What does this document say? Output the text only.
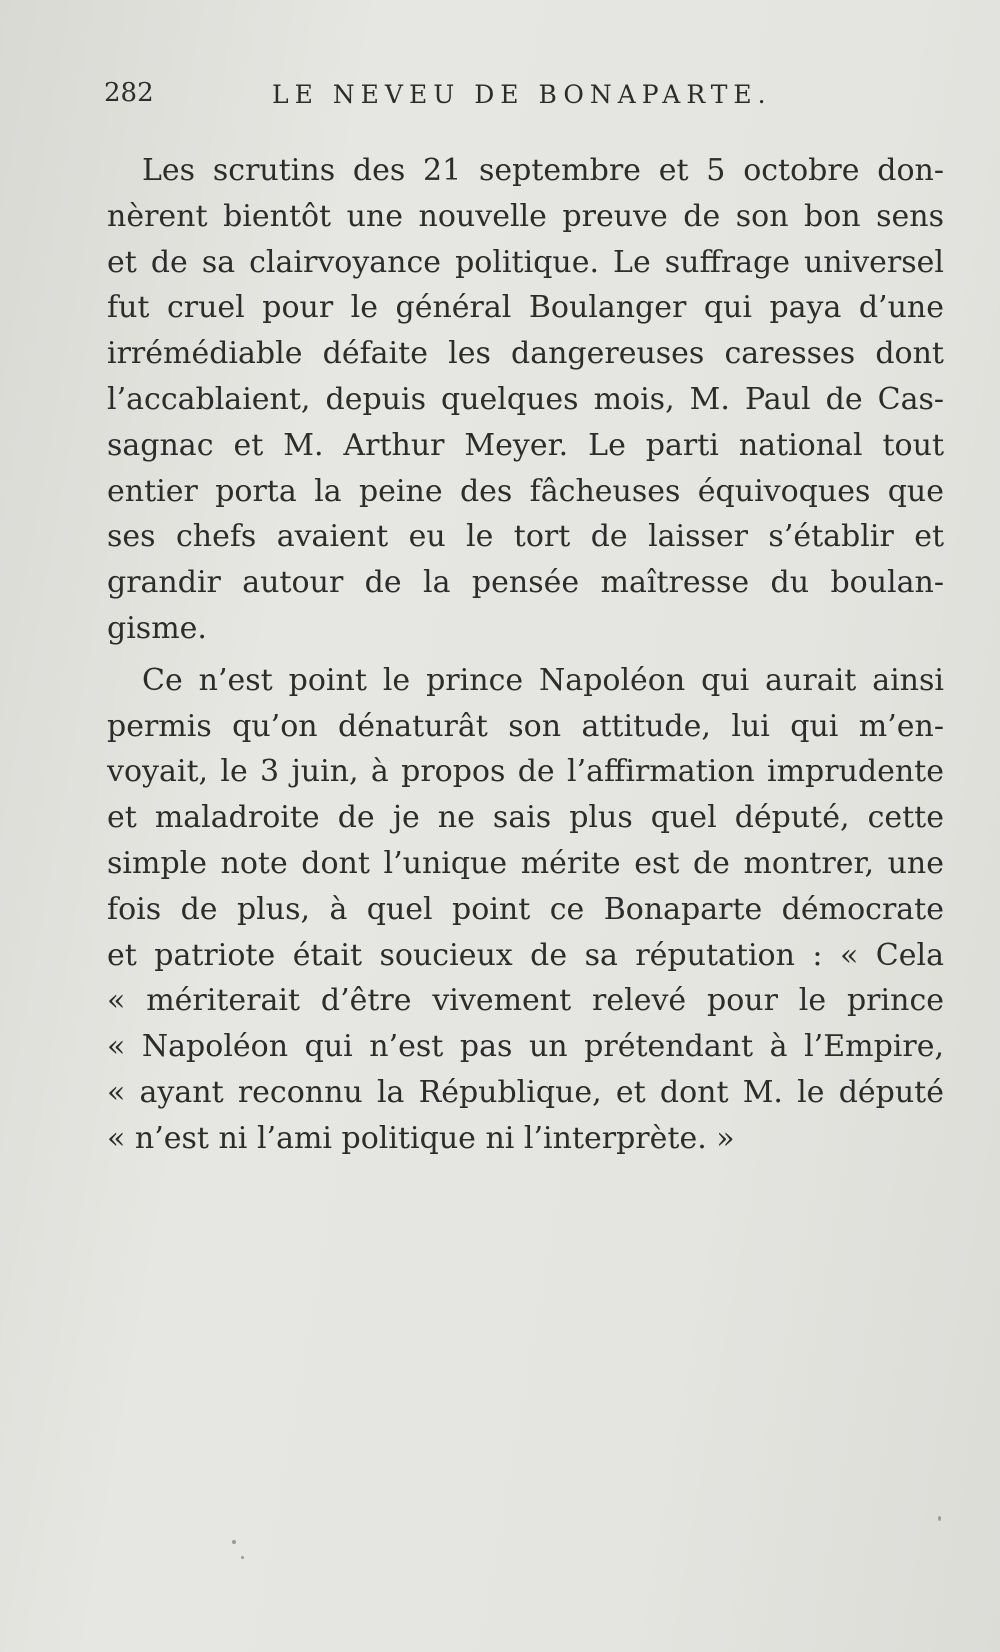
282	LE NEVEU DE BONAPARTE.
Les scrutins des 21 septembre et 5 octobre don-
nèrent bientôt une nouvelle preuve de son bon sens
et de sa clairvoyance politique. Le suffrage universel
fut cruel pour le général Boulanger qui paya d’une
irrémédiable défaite les dangereuses caresses dont
l’accablaient, depuis quelques mois, M. Paul de Cas-
sagnac et M. Arthur Meyer. Le parti national tout
entier porta la peine des fâcheuses équivoques que
ses chefs avaient eu le tort de laisser s’établir et
grandir autour de la pensée maîtresse du boulan-
gisme.
Ce n’est point le prince Napoléon qui aurait ainsi
permis qu’on dénaturât son attitude, lui qui m’en-
voyait, le 3 juin, à propos de l’affirmation imprudente
et maladroite de je ne sais plus quel député, cette
simple note dont l’unique mérite est de montrer, une
fois de plus, à quel point ce Bonaparte démocrate
et patriote était soucieux de sa réputation : « Cela
« mériterait d’être vivement relevé pour le prince
« Napoléon qui n’est pas un prétendant à l’Empire,
« ayant reconnu la République, et dont M. le député
« n’est ni l’ami politique ni l’interprète. »
